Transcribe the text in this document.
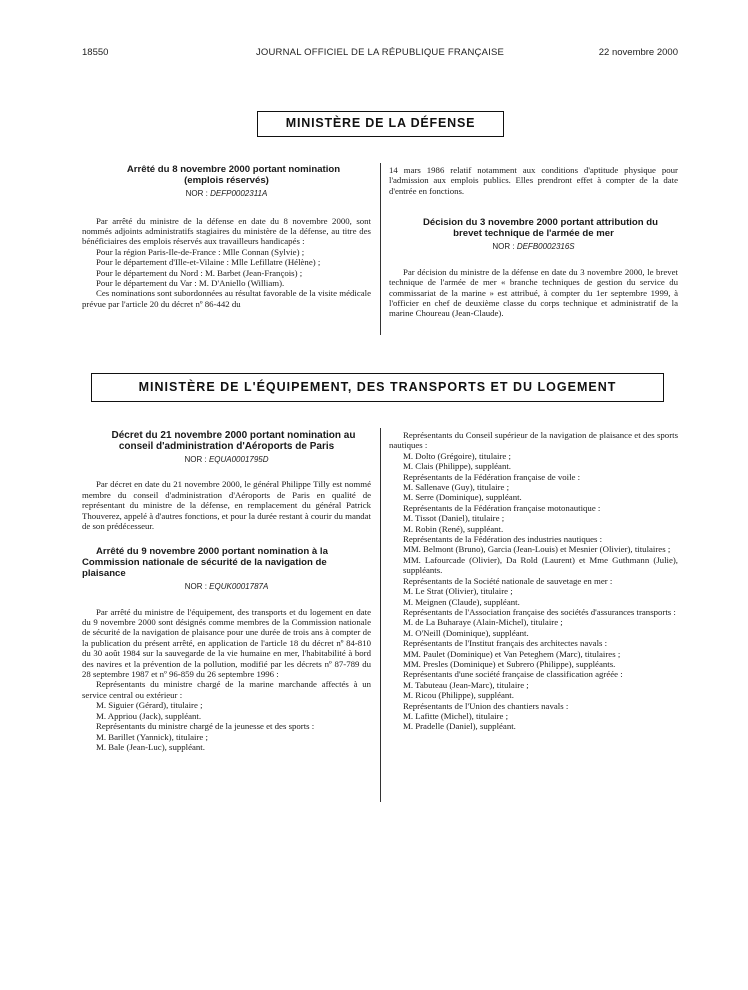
18550	JOURNAL OFFICIEL DE LA RÉPUBLIQUE FRANÇAISE	22 novembre 2000
MINISTÈRE DE LA DÉFENSE

Arrêté du 8 novembre 2000 portant nomination (emplois réservés)

NOR : DEFP0002311A

Par arrêté du ministre de la défense en date du 8 novembre 2000, sont nommés adjoints administratifs stagiaires du ministère de la défense, au titre des bénéficiaires des emplois réservés aux travailleurs handicapés :

Pour la région Paris-Ile-de-France : Mlle Connan (Sylvie) ;

Pour le département d'Ille-et-Vilaine : Mlle Lefillatre (Hélène) ;

Pour le département du Nord : M. Barbet (Jean-François) ;

Pour le département du Var : M. D'Aniello (William).

Ces nominations sont subordonnées au résultat favorable de la visite médicale prévue par l'article 20 du décret nº 86-442 du

14 mars 1986 relatif notamment aux conditions d'aptitude physique pour l'admission aux emplois publics. Elles prendront effet à compter de la date d'entrée en fonctions.

Décision du 3 novembre 2000 portant attribution du brevet technique de l'armée de mer

NOR : DEFB0002316S

Par décision du ministre de la défense en date du 3 novembre 2000, le brevet technique de l'armée de mer « branche techniques de gestion du service du commissariat de la marine » est attribué, à compter du 1er septembre 1999, à l'officier en chef de deuxième classe du corps technique et administratif de la marine Choureau (Jean-Claude).

MINISTÈRE DE L'ÉQUIPEMENT, DES TRANSPORTS ET DU LOGEMENT

Décret du 21 novembre 2000 portant nomination au conseil d'administration d'Aéroports de Paris

NOR : EQUA0001795D

Par décret en date du 21 novembre 2000, le général Philippe Tilly est nommé membre du conseil d'administration d'Aéroports de Paris en qualité de représentant du ministre de la défense, en remplacement du général Patrick Thouverez, appelé à d'autres fonctions, et pour la durée restant à courir du mandat de son prédécesseur.

Arrêté du 9 novembre 2000 portant nomination à la Commission nationale de sécurité de la navigation de plaisance

NOR : EQUK0001787A

Par arrêté du ministre de l'équipement, des transports et du logement en date du 9 novembre 2000 sont désignés comme membres de la Commission nationale de sécurité de la navigation de plaisance pour une durée de trois ans à compter de la publication du présent arrêté, en application de l'article 18 du décret nº 84-810 du 30 août 1984 sur la sauvegarde de la vie humaine en mer, l'habitabilité à bord des navires et la prévention de la pollution, modifié par les décrets nº 87-789 du 28 septembre 1987 et nº 96-859 du 26 septembre 1996 :

Représentants du ministre chargé de la marine marchande affectés à un service central ou extérieur :

M. Siguier (Gérard), titulaire ;

M. Appriou (Jack), suppléant.

Représentants du ministre chargé de la jeunesse et des sports :

M. Barillet (Yannick), titulaire ;

M. Bale (Jean-Luc), suppléant.

Représentants du Conseil supérieur de la navigation de plaisance et des sports nautiques :

M. Dolto (Grégoire), titulaire ;

M. Clais (Philippe), suppléant.

Représentants de la Fédération française de voile :

M. Sallenave (Guy), titulaire ;

M. Serre (Dominique), suppléant.

Représentants de la Fédération française motonautique :

M. Tissot (Daniel), titulaire ;

M. Robin (René), suppléant.

Représentants de la Fédération des industries nautiques :

MM. Belmont (Bruno), Garcia (Jean-Louis) et Mesnier (Olivier), titulaires ;

MM. Lafourcade (Olivier), Da Rold (Laurent) et Mme Guthmann (Julie), suppléants.

Représentants de la Société nationale de sauvetage en mer :

M. Le Strat (Olivier), titulaire ;

M. Meignen (Claude), suppléant.

Représentants de l'Association française des sociétés d'assurances transports :

M. de La Buharaye (Alain-Michel), titulaire ;

M. O'Neill (Dominique), suppléant.

Représentants de l'Institut français des architectes navals :

MM. Paulet (Dominique) et Van Peteghem (Marc), titulaires ;

MM. Presles (Dominique) et Subrero (Philippe), suppléants.

Représentants d'une société française de classification agréée :

M. Tabuteau (Jean-Marc), titulaire ;

M. Ricou (Philippe), suppléant.

Représentants de l'Union des chantiers navals :

M. Lafitte (Michel), titulaire ;

M. Pradelle (Daniel), suppléant.
